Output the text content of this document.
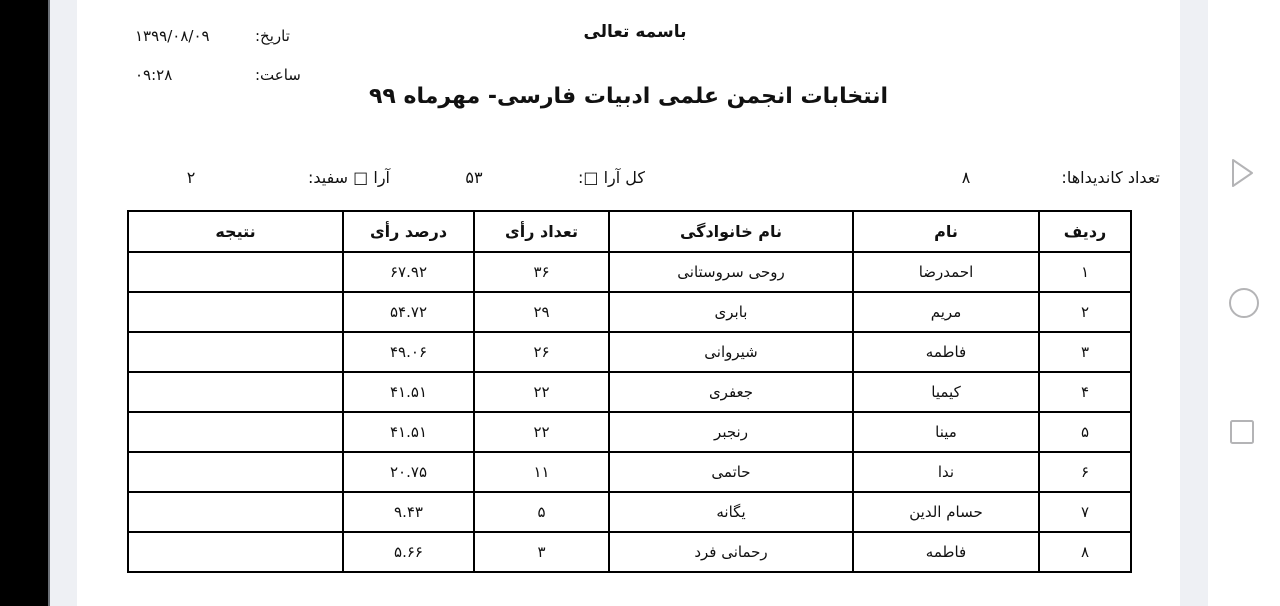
باسمه تعالی
تاریخ:
۱۳۹۹/۰۸/۰۹
ساعت:
۰۹:۲۸
انتخابات انجمن علمی ادبیات فارسی- مهرماه ۹۹
تعداد کاندیداها:
۸
کل آرا □:
۵۳
آرا □ سفید:
۲
ردیف	نام	نام خانوادگی	تعداد رأی	درصد رأی	نتیجه
۱	احمدرضا	روحی سروستانی	۳۶	۶۷.۹۲	
۲	مریم	بابری	۲۹	۵۴.۷۲	
۳	فاطمه	شیروانی	۲۶	۴۹.۰۶	
۴	کیمیا	جعفری	۲۲	۴۱.۵۱	
۵	مینا	رنجبر	۲۲	۴۱.۵۱	
۶	ندا	حاتمی	۱۱	۲۰.۷۵	
۷	حسام الدین	یگانه	۵	۹.۴۳	
۸	فاطمه	رحمانی فرد	۳	۵.۶۶	
